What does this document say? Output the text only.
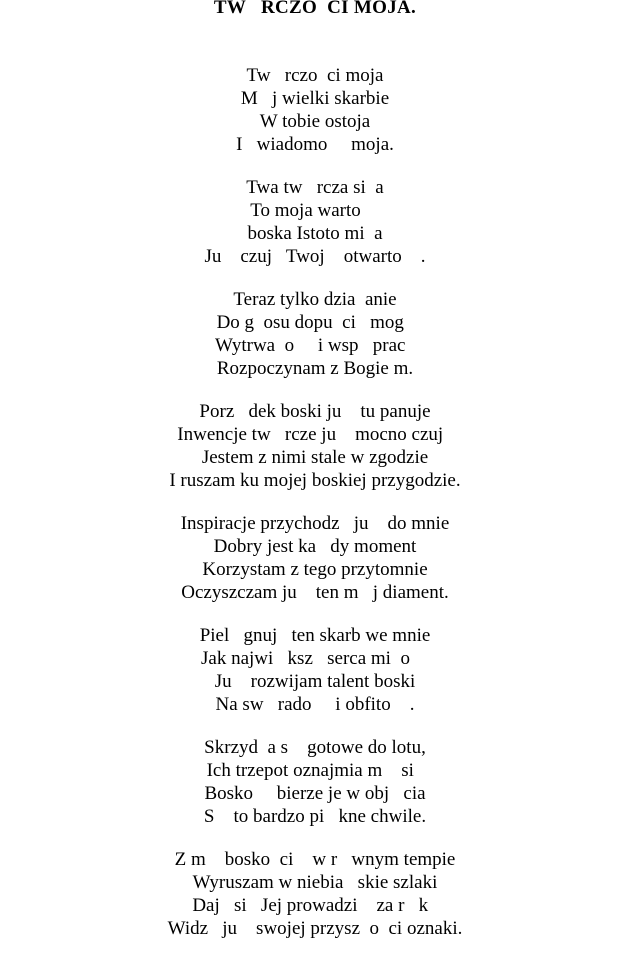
TW   RCZO  CI MOJA.
Tw   rczo  ci moja
M   j wielki skarbie
W tobie ostoja
I   wiadomo     moja.
Twa tw   rcza si  a
To moja warto
boska Istoto mi  a
Ju    czuj   Twoj    otwarto    .
Teraz tylko dzia  anie
Do g  osu dopu  ci   mog
Wytrwa  o     i wsp   prac
Rozpoczynam z Bogie m.
Porz   dek boski ju    tu panuje
Inwencje tw   rcze ju    mocno czuj
Jestem z nimi stale w zgodzie
I ruszam ku mojej boskiej przygodzie.
Inspiracje przychodz   ju    do mnie
Dobry jest ka   dy moment
Korzystam z tego przytomnie
Oczyszczam ju    ten m   j diament.
Piel   gnuj   ten skarb we mnie
Jak najwi   ksz   serca mi  o
Ju    rozwijam talent boski
Na sw   rado     i obfito    .
Skrzyd  a s    gotowe do lotu,
Ich trzepot oznajmia m    si
Bosko     bierze je w obj   cia
S    to bardzo pi   kne chwile.
Z m    bosko  ci    w r   wnym tempie
Wyruszam w niebia   skie szlaki
Daj   si   Jej prowadzi    za r   k
Widz   ju    swojej przysz  o  ci oznaki.
